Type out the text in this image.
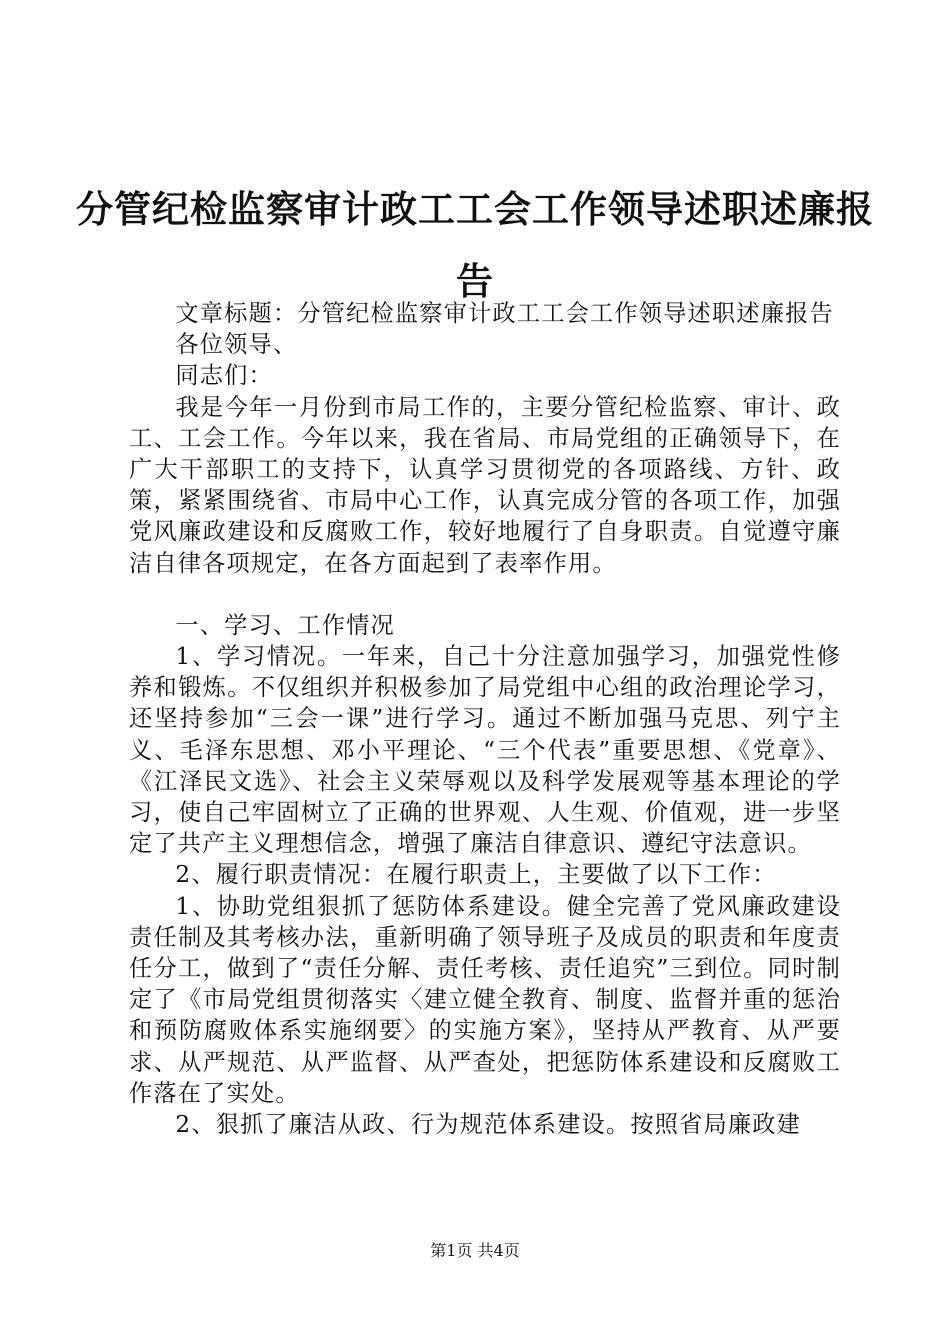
分管纪检监察审计政工工会工作领导述职述廉报告

文章标题：分管纪检监察审计政工工会工作领导述职述廉报告

各位领导、

同志们：

我是今年一月份到市局工作的，主要分管纪检监察、审计、政工、工会工作。今年以来，我在省局、市局党组的正确领导下，在广大干部职工的支持下，认真学习贯彻党的各项路线、方针、政策，紧紧围绕省、市局中心工作，认真完成分管的各项工作，加强党风廉政建设和反腐败工作，较好地履行了自身职责。自觉遵守廉洁自律各项规定，在各方面起到了表率作用。

一、学习、工作情况

1、学习情况。一年来，自己十分注意加强学习，加强党性修养和锻炼。不仅组织并积极参加了局党组中心组的政治理论学习，还坚持参加“三会一课”进行学习。通过不断加强马克思、列宁主义、毛泽东思想、邓小平理论、“三个代表”重要思想、《党章》、《江泽民文选》、社会主义荣辱观以及科学发展观等基本理论的学习，使自己牢固树立了正确的世界观、人生观、价值观，进一步坚定了共产主义理想信念，增强了廉洁自律意识、遵纪守法意识。

2、履行职责情况：在履行职责上，主要做了以下工作：

1、协助党组狠抓了惩防体系建设。健全完善了党风廉政建设责任制及其考核办法，重新明确了领导班子及成员的职责和年度责任分工，做到了“责任分解、责任考核、责任追究”三到位。同时制定了《市局党组贯彻落实〈建立健全教育、制度、监督并重的惩治和预防腐败体系实施纲要〉的实施方案》，坚持从严教育、从严要求、从严规范、从严监督、从严查处，把惩防体系建设和反腐败工作落在了实处。

2、狠抓了廉洁从政、行为规范体系建设。按照省局廉政建

第1页 共4页
